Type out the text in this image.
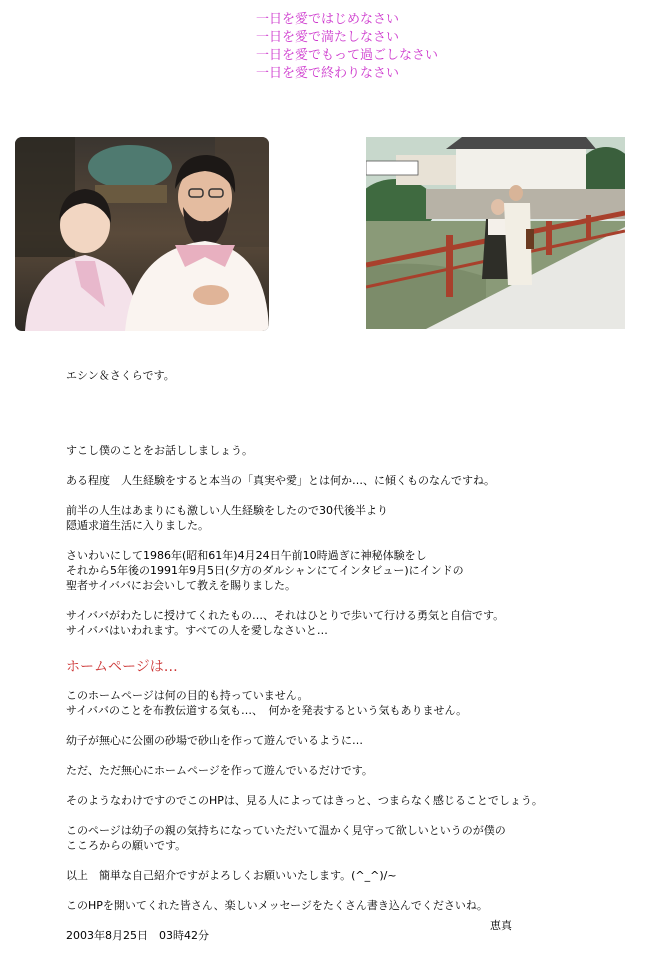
一日を愛ではじめなさい
一日を愛で満たしなさい
一日を愛でもって過ごしなさい
一日を愛で終わりなさい

エシン＆さくらです。

すこし僕のことをお話ししましょう。

ある程度　人生経験をすると本当の「真実や愛」とは何か…、に傾くものなんですね。

前半の人生はあまりにも激しい人生経験をしたので30代後半より

隠遁求道生活に入りました。

さいわいにして1986年(昭和61年)4月24日午前10時過ぎに神秘体験をし

それから5年後の1991年9月5日(夕方のダルシャンにてインタビュー)にインドの

聖者サイババにお会いして教えを賜りました。

サイババがわたしに授けてくれたもの…、それはひとりで歩いて行ける勇気と自信です。

サイババはいわれます。すべての人を愛しなさいと…

ホームページは…

このホームページは何の目的も持っていません。

サイババのことを布教伝道する気も…、　何かを発表するという気もありません。

幼子が無心に公園の砂場で砂山を作って遊んでいるように…

ただ、ただ無心にホームページを作って遊んでいるだけです。

そのようなわけですのでこのHPは、見る人によってはきっと、つまらなく感じることでしょう。

このページは幼子の親の気持ちになっていただいて温かく見守って欲しいというのが僕の

こころからの願いです。

以上　簡単な自己紹介ですがよろしくお願いいたします。(^_^)/~

このHPを開いてくれた皆さん、楽しいメッセージをたくさん書き込んでくださいね。

2003年8月25日　03時42分

恵真
